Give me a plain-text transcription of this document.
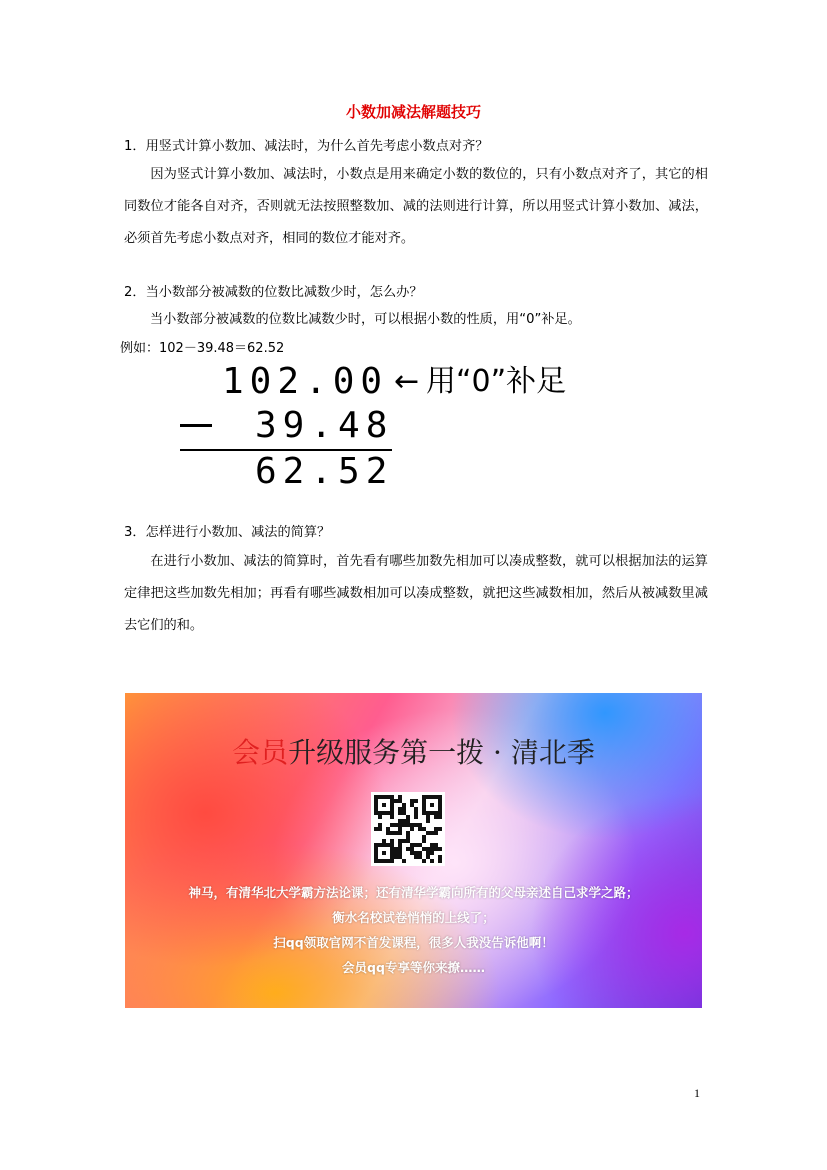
小数加减法解题技巧
1．用竖式计算小数加、减法时，为什么首先考虑小数点对齐？
因为竖式计算小数加、减法时，小数点是用来确定小数的数位的，只有小数点对齐了，其它的相同数位才能各自对齐，否则就无法按照整数加、减的法则进行计算，所以用竖式计算小数加、减法，必须首先考虑小数点对齐，相同的数位才能对齐。
2．当小数部分被减数的位数比减数少时，怎么办？
当小数部分被减数的位数比减数少时，可以根据小数的性质，用“0”补足。
例如：102－39.48＝62.52
102.00 ← 用“0”补足
39.48
62.52
3．怎样进行小数加、减法的简算？
在进行小数加、减法的简算时，首先看有哪些加数先相加可以凑成整数，就可以根据加法的运算定律把这些加数先相加；再看有哪些减数相加可以凑成整数，就把这些减数相加，然后从被减数里减去它们的和。
会员升级服务第一拨 · 清北季
神马，有清华北大学霸方法论课；还有清华学霸向所有的父母亲述自己求学之路；
衡水名校试卷悄悄的上线了；
扫qq领取官网不首发课程，很多人我没告诉他啊！
会员qq专享等你来撩……
1
